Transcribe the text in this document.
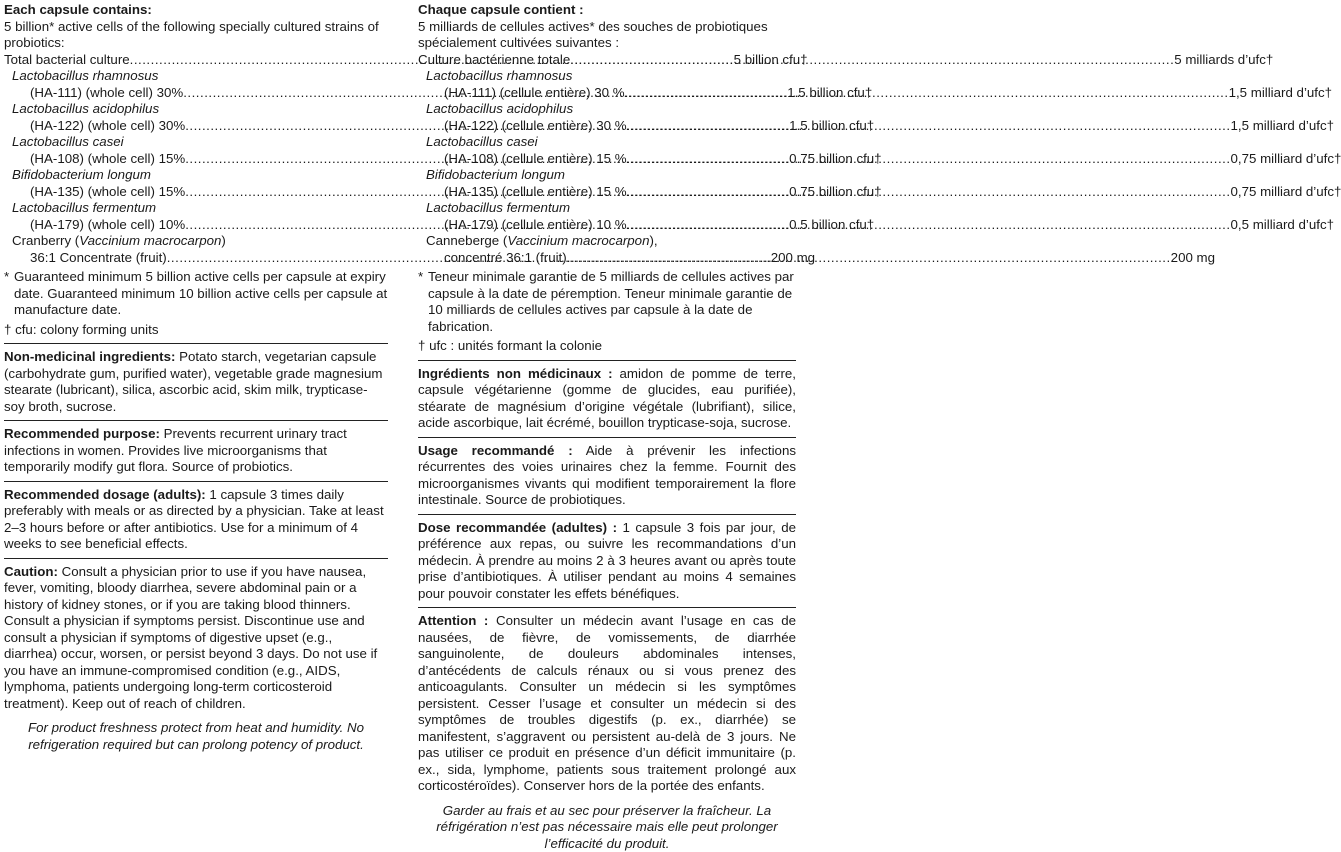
Each capsule contains:
5 billion* active cells of the following specially cultured strains of probiotics:
Total bacterial culture .....	5 billion cfu†
Lactobacillus rhamnosus
(HA-111) (whole cell) 30% .....	1.5 billion cfu†
Lactobacillus acidophilus
(HA-122) (whole cell) 30% .....	1.5 billion cfu†
Lactobacillus casei
(HA-108) (whole cell) 15% .....	0.75 billion cfu†
Bifidobacterium longum
(HA-135) (whole cell) 15% .....	0.75 billion cfu†
Lactobacillus fermentum
(HA-179) (whole cell) 10% .....	0.5 billion cfu†
Cranberry (Vaccinium macrocarpon)
36:1 Concentrate (fruit) .....	200 mg
* Guaranteed minimum 5 billion active cells per capsule at expiry date. Guaranteed minimum 10 billion active cells per capsule at manufacture date.
† cfu: colony forming units

Non-medicinal ingredients: Potato starch, vegetarian capsule (carbohydrate gum, purified water), vegetable grade magnesium stearate (lubricant), silica, ascorbic acid, skim milk, trypticase-soy broth, sucrose.

Recommended purpose: Prevents recurrent urinary tract infections in women. Provides live microorganisms that temporarily modify gut flora. Source of probiotics.

Recommended dosage (adults): 1 capsule 3 times daily preferably with meals or as directed by a physician. Take at least 2–3 hours before or after antibiotics. Use for a minimum of 4 weeks to see beneficial effects.

Caution: Consult a physician prior to use if you have nausea, fever, vomiting, bloody diarrhea, severe abdominal pain or a history of kidney stones, or if you are taking blood thinners. Consult a physician if symptoms persist. Discontinue use and consult a physician if symptoms of digestive upset (e.g., diarrhea) occur, worsen, or persist beyond 3 days. Do not use if you have an immune-compromised condition (e.g., AIDS, lymphoma, patients undergoing long-term corticosteroid treatment). Keep out of reach of children.

For product freshness protect from heat and humidity. No refrigeration required but can prolong potency of product.
Chaque capsule contient :
5 milliards de cellules actives* des souches de probiotiques spécialement cultivées suivantes :
Culture bactérienne totale .....	5 milliards d’ufc†
Lactobacillus rhamnosus
(HA-111) (cellule entière) 30 % .....	1,5 milliard d’ufc†
Lactobacillus acidophilus
(HA-122) (cellule entière) 30 % .....	1,5 milliard d’ufc†
Lactobacillus casei
(HA-108) (cellule entière) 15 % .....	0,75 milliard d’ufc†
Bifidobacterium longum
(HA-135) (cellule entière) 15 % .....	0,75 milliard d’ufc†
Lactobacillus fermentum
(HA-179) (cellule entière) 10 % .....	0,5 milliard d’ufc†
Canneberge (Vaccinium macrocarpon),
concentré 36:1 (fruit) .....	200 mg
* Teneur minimale garantie de 5 milliards de cellules actives par capsule à la date de péremption. Teneur minimale garantie de 10 milliards de cellules actives par capsule à la date de fabrication.
† ufc : unités formant la colonie

Ingrédients non médicinaux : amidon de pomme de terre, capsule végétarienne (gomme de glucides, eau purifiée), stéarate de magnésium d’origine végétale (lubrifiant), silice, acide ascorbique, lait écrémé, bouillon trypticase-soja, sucrose.

Usage recommandé : Aide à prévenir les infections récurrentes des voies urinaires chez la femme. Fournit des microorganismes vivants qui modifient temporairement la flore intestinale. Source de probiotiques.

Dose recommandée (adultes) : 1 capsule 3 fois par jour, de préférence aux repas, ou suivre les recommandations d’un médecin. À prendre au moins 2 à 3 heures avant ou après toute prise d’antibiotiques. À utiliser pendant au moins 4 semaines pour pouvoir constater les effets bénéfiques.

Attention : Consulter un médecin avant l’usage en cas de nausées, de fièvre, de vomissements, de diarrhée sanguinolente, de douleurs abdominales intenses, d’antécédents de calculs rénaux ou si vous prenez des anticoagulants. Consulter un médecin si les symptômes persistent. Cesser l’usage et consulter un médecin si des symptômes de troubles digestifs (p. ex., diarrhée) se manifestent, s’aggravent ou persistent au-delà de 3 jours. Ne pas utiliser ce produit en présence d’un déficit immunitaire (p. ex., sida, lymphome, patients sous traitement prolongé aux corticostéroïdes). Conserver hors de la portée des enfants.

Garder au frais et au sec pour préserver la fraîcheur. La réfrigération n’est pas nécessaire mais elle peut prolonger l’efficacité du produit.
